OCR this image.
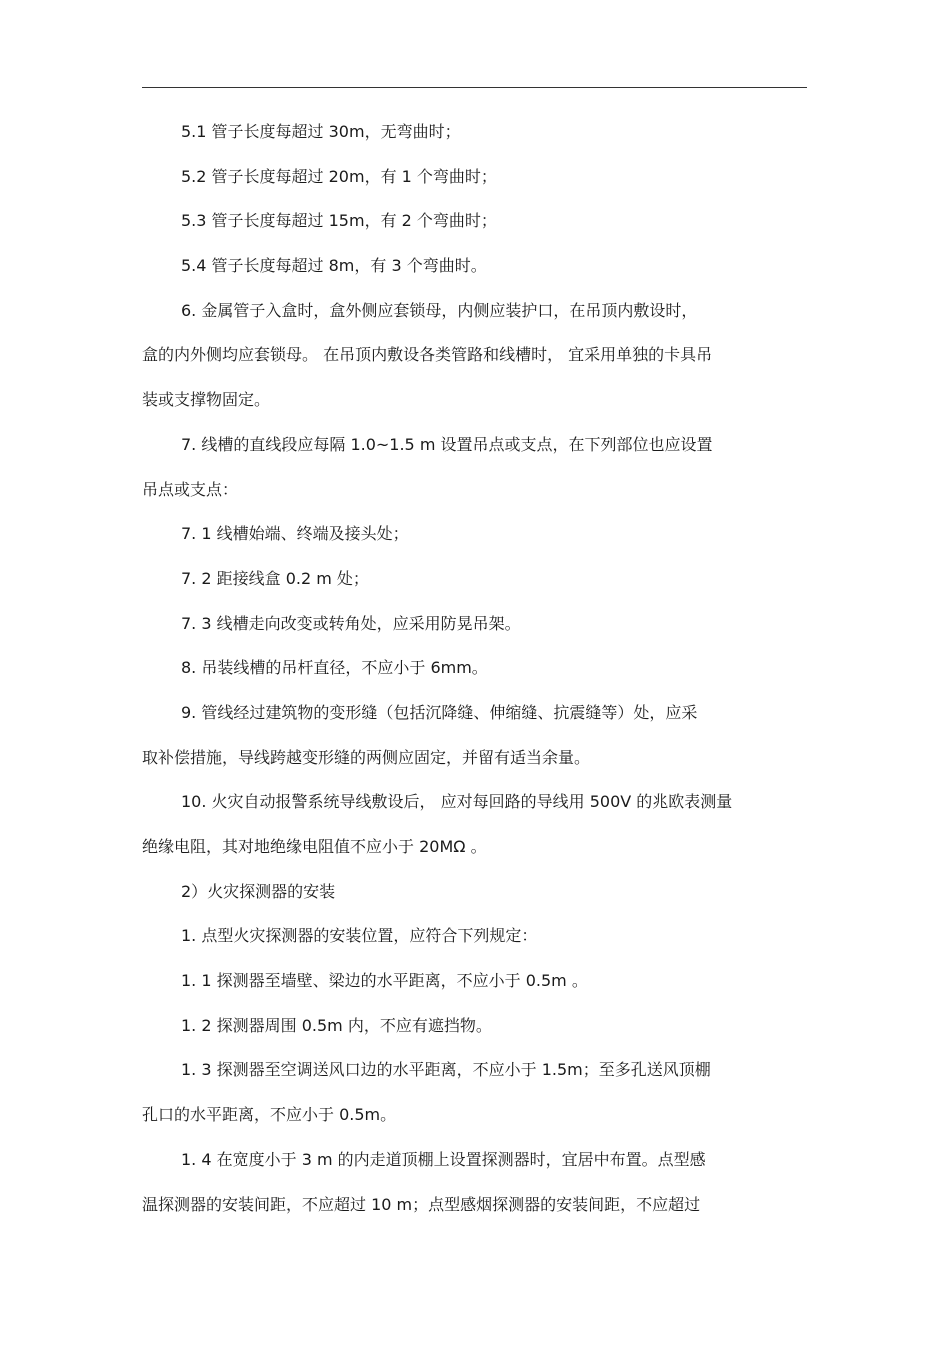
5.1 管子长度每超过 30m，无弯曲时；
5.2 管子长度每超过 20m，有 1 个弯曲时；
5.3 管子长度每超过 15m，有 2 个弯曲时；
5.4 管子长度每超过 8m，有 3 个弯曲时。
6. 金属管子入盒时，盒外侧应套锁母，内侧应装护口，在吊顶内敷设时，
盒的内外侧均应套锁母。 在吊顶内敷设各类管路和线槽时， 宜采用单独的卡具吊
装或支撑物固定。
7. 线槽的直线段应每隔 1.0~1.5 m 设置吊点或支点，在下列部位也应设置
吊点或支点：
7. 1 线槽始端、终端及接头处；
7. 2 距接线盒 0.2 m 处；
7. 3 线槽走向改变或转角处，应采用防晃吊架。
8. 吊装线槽的吊杆直径，不应小于 6mm。
9. 管线经过建筑物的变形缝（包括沉降缝、伸缩缝、抗震缝等）处，应采
取补偿措施，导线跨越变形缝的两侧应固定，并留有适当余量。
10. 火灾自动报警系统导线敷设后， 应对每回路的导线用 500V 的兆欧表测量
绝缘电阻，其对地绝缘电阻值不应小于 20MΩ 。
2）火灾探测器的安装
1. 点型火灾探测器的安装位置，应符合下列规定：
1. 1 探测器至墙壁、梁边的水平距离，不应小于 0.5m 。
1. 2 探测器周围 0.5m 内，不应有遮挡物。
1. 3 探测器至空调送风口边的水平距离，不应小于 1.5m；至多孔送风顶棚
孔口的水平距离，不应小于 0.5m。
1. 4 在宽度小于 3 m 的内走道顶棚上设置探测器时，宜居中布置。点型感
温探测器的安装间距，不应超过 10 m；点型感烟探测器的安装间距，不应超过
